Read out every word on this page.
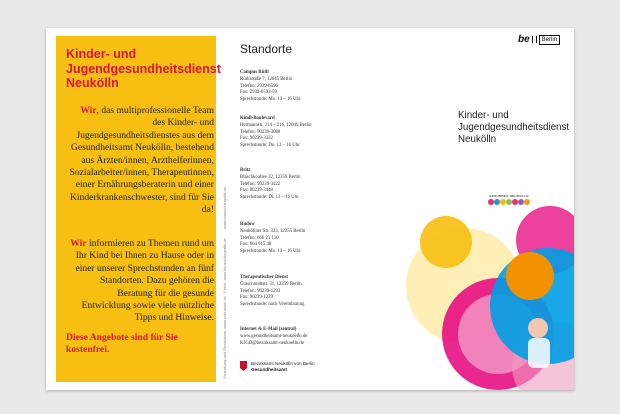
Kinder- und
Jugendgesundheitsdienst
Neukölln

Wir, das multiprofessionelle Team des Kinder- und Jugendgesundheitsdienstes aus dem Gesundheitsamt Neukölln, bestehend aus Ärzten/innen, Arzthelferinnen, Sozialarbeiter/innen, Therapeutinnen, einer Ernährungsberaterin und einer Kinderkrankenschwester, sind für Sie da!

Wir informieren zu Themen rund um Ihr Kind bei Ihnen zu Hause oder in einer unserer Sprechstunden an fünf Standorten. Dazu gehören die Beratung für die gesunde Entwicklung sowie viele nützliche Tipps und Hinweise.

Diese Angebote sind für Sie kostenfrei.	Gestaltung und Realisation: www.zebrasoul.de · Fotos: www.fotosuchegrafik.de www.fotosuchergafik.de
Standorte
Campus Rütli
Rütlistraße 7, 12045 Berlin
Telefon: 2939-6590
Fax: 2939-6593-59
Sprechstunde: Mo. 13 – 16 Uhr
Kindl-Boulevard
Hermannstr. 214 – 216, 12049 Berlin
Telefon: 90239-3088
Fax: 90239-3322
Sprechstunde: Do. 13 – 16 Uhr
Britz
Blaschkoallee 32, 12359 Berlin
Telefon: 90239-3422
Fax: 90239-3448
Sprechstunde: Di. 13 – 16 Uhr
Rudow
Neuköllner Str. 333, 12355 Berlin
Telefon: 666 21 110
Fax: 664 615 48
Sprechstunde: Mo. 13 – 16 Uhr
Therapeutischer Dienst
Gutschmidtstr. 31, 12359 Berlin
Telefon: 90239-1293
Fax: 90239-1229
Sprechstunde: nach Vereinbarung
Internet & E-Mail (zentral)
www.gesundheitsamt-neukoelln.de
KJGD@bezirksamt-neukoelln.de
Bezirksamt Neukölln von Berlin
Gesundheitsamt
be	Berlin
Kinder- und
Jugendgesundheitsdienst
Neukölln
GESUNDES NEUKÖLLN
